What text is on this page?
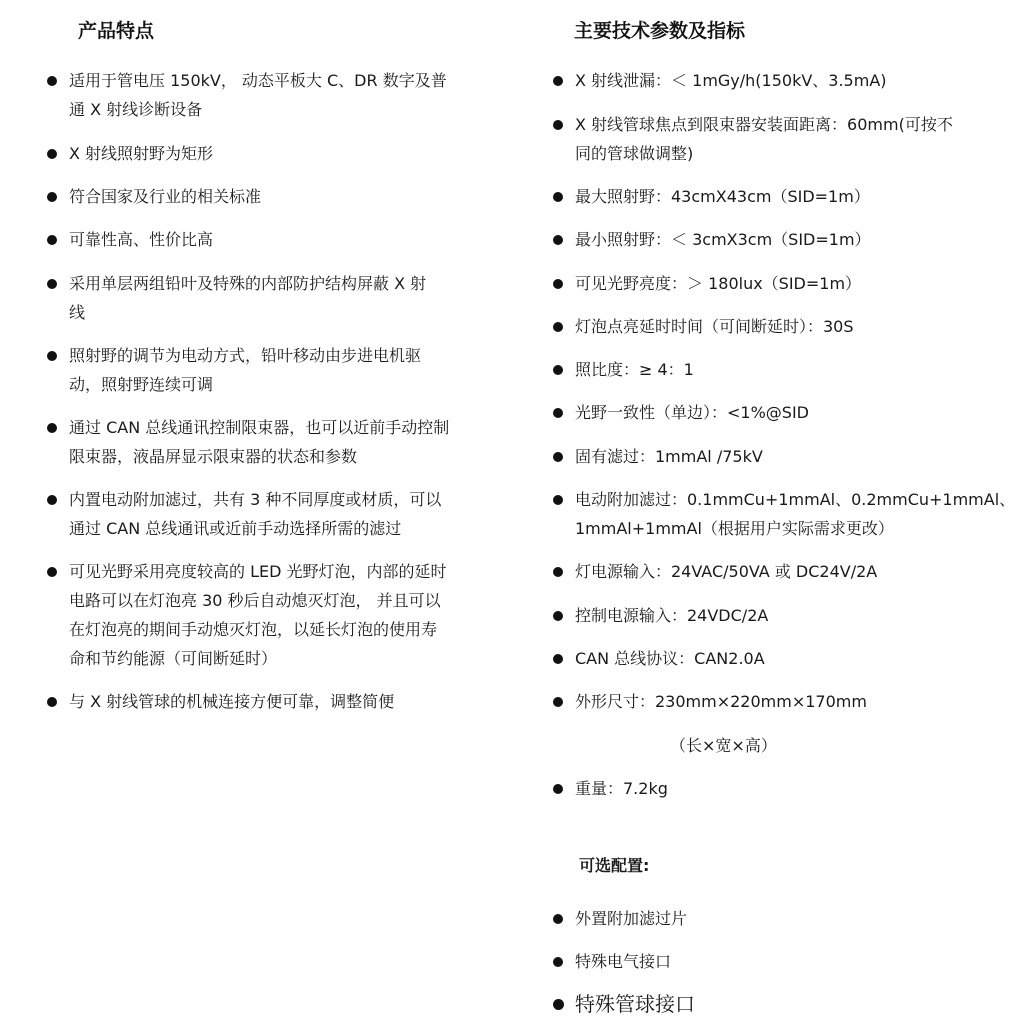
产品特点
适用于管电压 150kV， 动态平板大 C、DR 数字及普
通 X 射线诊断设备
X 射线照射野为矩形
符合国家及行业的相关标准
可靠性高、性价比高
采用单层两组铅叶及特殊的内部防护结构屏蔽 X 射
线
照射野的调节为电动方式，铅叶移动由步进电机驱
动，照射野连续可调
通过 CAN 总线通讯控制限束器，也可以近前手动控制
限束器，液晶屏显示限束器的状态和参数
内置电动附加滤过，共有 3 种不同厚度或材质，可以
通过 CAN 总线通讯或近前手动选择所需的滤过
可见光野采用亮度较高的 LED 光野灯泡，内部的延时
电路可以在灯泡亮 30 秒后自动熄灭灯泡， 并且可以
在灯泡亮的期间手动熄灭灯泡，以延长灯泡的使用寿
命和节约能源（可间断延时）
与 X 射线管球的机械连接方便可靠，调整简便
主要技术参数及指标
X 射线泄漏：＜ 1mGy/h(150kV、3.5mA)
X 射线管球焦点到限束器安装面距离：60mm(可按不
同的管球做调整)
最大照射野：43cmX43cm（SID=1m）
最小照射野：＜ 3cmX3cm（SID=1m）
可见光野亮度：＞ 180lux（SID=1m）
灯泡点亮延时时间（可间断延时）：30S
照比度：≥ 4：1
光野一致性（单边）：<1%@SID
固有滤过：1mmAl /75kV
电动附加滤过：0.1mmCu+1mmAl、0.2mmCu+1mmAl、
1mmAl+1mmAl（根据用户实际需求更改）
灯电源输入：24VAC/50VA 或 DC24V/2A
控制电源输入：24VDC/2A
CAN 总线协议：CAN2.0A
外形尺寸：230mm×220mm×170mm
（长×宽×高）
重量：7.2kg
可选配置:
外置附加滤过片
特殊电气接口
特殊管球接口
